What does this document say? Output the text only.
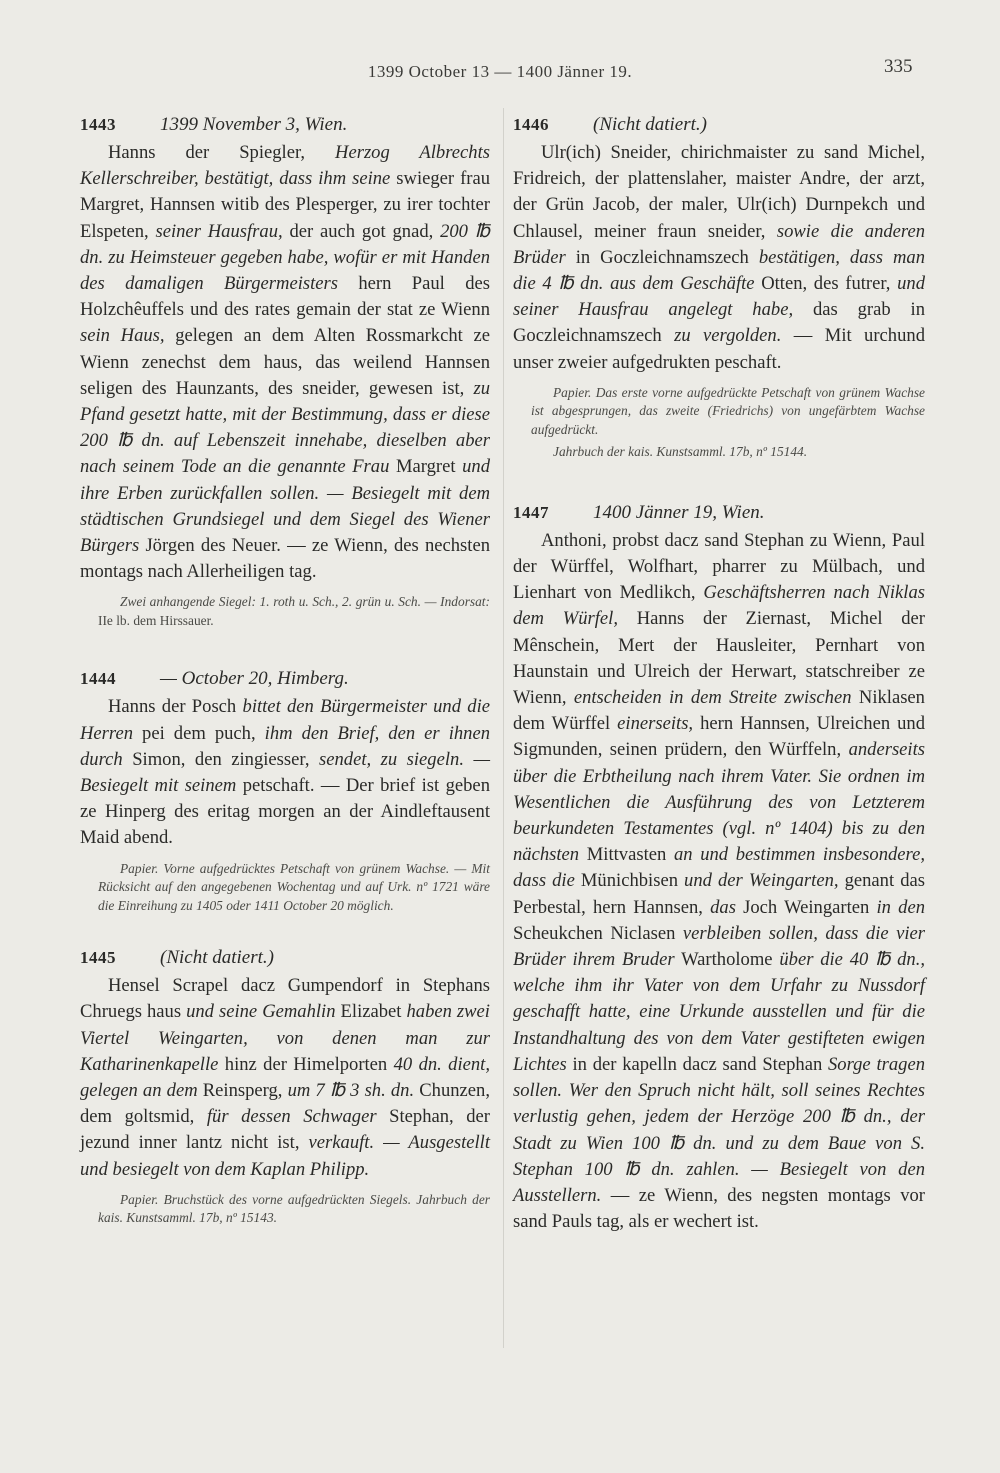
1399 October 13 — 1400 Jänner 19.	335
1443 1399 November 3, Wien.

Hanns der Spiegler, Herzog Albrechts Kellerschreiber, bestätigt, dass ihm seine swieger frau Margret, Hannsen witib des Plesperger, zu irer tochter Elspeten, seiner Hausfrau, der auch got gnad, 200 ℔ dn. zu Heimsteuer gegeben habe, wofür er mit Handen des damaligen Bürgermeisters hern Paul des Holzchêuffels und des rates gemain der stat ze Wienn sein Haus, gelegen an dem Alten Rossmarkcht ze Wienn zenechst dem haus, das weilend Hannsen seligen des Haunzants, des sneider, gewesen ist, zu Pfand gesetzt hatte, mit der Bestimmung, dass er diese 200 ℔ dn. auf Lebenszeit innehabe, dieselben aber nach seinem Tode an die genannte Frau Margret und ihre Erben zurückfallen sollen. — Besiegelt mit dem städtischen Grundsiegel und dem Siegel des Wiener Bürgers Jörgen des Neuer. — ze Wienn, des nechsten montags nach Allerheiligen tag.

Zwei anhangende Siegel: 1. roth u. Sch., 2. grün u. Sch. — Indorsat: IIe lb. dem Hirssauer.

1444 — October 20, Himberg.

Hanns der Posch bittet den Bürgermeister und die Herren pei dem puch, ihm den Brief, den er ihnen durch Simon, den zingiesser, sendet, zu siegeln. — Besiegelt mit seinem petschaft. — Der brief ist geben ze Hinperg des eritag morgen an der Aindleftausent Maid abend.

Papier. Vorne aufgedrücktes Petschaft von grünem Wachse. — Mit Rücksicht auf den angegebenen Wochentag und auf Urk. nº 1721 wäre die Einreihung zu 1405 oder 1411 October 20 möglich.

1445 (Nicht datiert.)

Hensel Scrapel dacz Gumpendorf in Stephans Chruegs haus und seine Gemahlin Elizabet haben zwei Viertel Weingarten, von denen man zur Katharinenkapelle hinz der Himelporten 40 dn. dient, gelegen an dem Reinsperg, um 7 ℔ 3 sh. dn. Chunzen, dem goltsmid, für dessen Schwager Stephan, der jezund inner lantz nicht ist, verkauft. — Ausgestellt und besiegelt von dem Kaplan Philipp.

Papier. Bruchstück des vorne aufgedrückten Siegels. Jahrbuch der kais. Kunstsamml. 17b, nº 15143.

1446 (Nicht datiert.)

Ulr(ich) Sneider, chirichmaister zu sand Michel, Fridreich, der plattenslaher, maister Andre, der arzt, der Grün Jacob, der maler, Ulr(ich) Durnpekch und Chlausel, meiner fraun sneider, sowie die anderen Brüder in Goczleichnamszech bestätigen, dass man die 4 ℔ dn. aus dem Geschäfte Otten, des futrer, und seiner Hausfrau angelegt habe, das grab in Goczleichnamszech zu vergolden. — Mit urchund unser zweier aufgedrukten peschaft.

Papier. Das erste vorne aufgedrückte Petschaft von grünem Wachse ist abgesprungen, das zweite (Friedrichs) von ungefärbtem Wachse aufgedrückt.

Jahrbuch der kais. Kunstsamml. 17b, nº 15144.

1447 1400 Jänner 19, Wien.

Anthoni, probst dacz sand Stephan zu Wienn, Paul der Würffel, Wolfhart, pharrer zu Mülbach, und Lienhart von Medlikch, Geschäftsherren nach Niklas dem Würfel, Hanns der Ziernast, Michel der Mênschein, Mert der Hausleiter, Pernhart von Haunstain und Ulreich der Herwart, statschreiber ze Wienn, entscheiden in dem Streite zwischen Niklasen dem Würffel einerseits, hern Hannsen, Ulreichen und Sigmunden, seinen prüdern, den Würffeln, anderseits über die Erbtheilung nach ihrem Vater. Sie ordnen im Wesentlichen die Ausführung des von Letzterem beurkundeten Testamentes (vgl. nº 1404) bis zu den nächsten Mittvasten an und bestimmen insbesondere, dass die Münichbisen und der Weingarten, genant das Perbestal, hern Hannsen, das Joch Weingarten in den Scheukchen Niclasen verbleiben sollen, dass die vier Brüder ihrem Bruder Wartholome über die 40 ℔ dn., welche ihm ihr Vater von dem Urfahr zu Nussdorf geschafft hatte, eine Urkunde ausstellen und für die Instandhaltung des von dem Vater gestifteten ewigen Lichtes in der kapelln dacz sand Stephan Sorge tragen sollen. Wer den Spruch nicht hält, soll seines Rechtes verlustig gehen, jedem der Herzöge 200 ℔ dn., der Stadt zu Wien 100 ℔ dn. und zu dem Baue von S. Stephan 100 ℔ dn. zahlen. — Besiegelt von den Ausstellern. — ze Wienn, des negsten montags vor sand Pauls tag, als er wechert ist.
